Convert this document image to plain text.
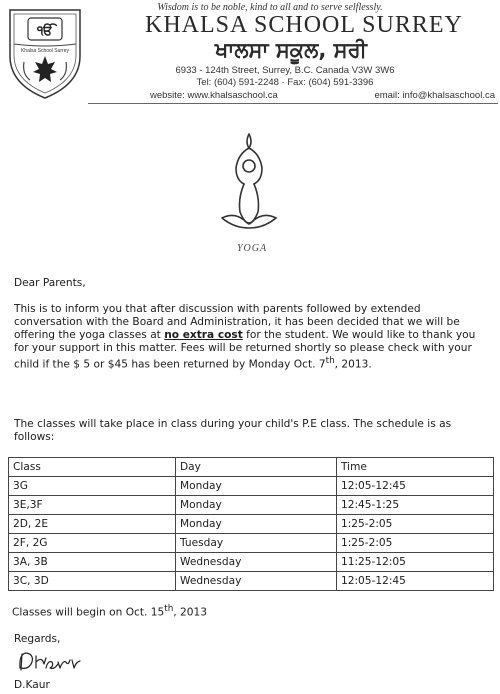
ੴ
Khalsa School Surrey
Wisdom is to be noble, kind to all and to serve selflessly.
KHALSA SCHOOL SURREY
ਖਾਲਸਾ ਸਕੂਲ, ਸਰੀ
6933 - 124th Street, Surrey, B.C. Canada V3W 3W6
Tel: (604) 591-2248 · Fax: (604) 591-3396
website: www.khalsaschool.ca	email: info@khalsaschool.ca
YOGA
Dear Parents,
This is to inform you that after discussion with parents followed by extended conversation with the Board and Administration, it has been decided that we will be offering the yoga classes at no extra cost for the student. We would like to thank you for your support in this matter. Fees will be returned shortly so please check with your child if the $ 5 or $45 has been returned by Monday Oct. 7th, 2013.
The classes will take place in class during your child's P.E class. The schedule is as follows:
Class	Day	Time
3G	Monday	12:05-12:45
3E,3F	Monday	12:45-1:25
2D, 2E	Monday	1:25-2:05
2F, 2G	Tuesday	1:25-2:05
3A, 3B	Wednesday	11:25-12:05
3C, 3D	Wednesday	12:05-12:45
Classes will begin on Oct. 15th, 2013
Regards,
D.Kaur
